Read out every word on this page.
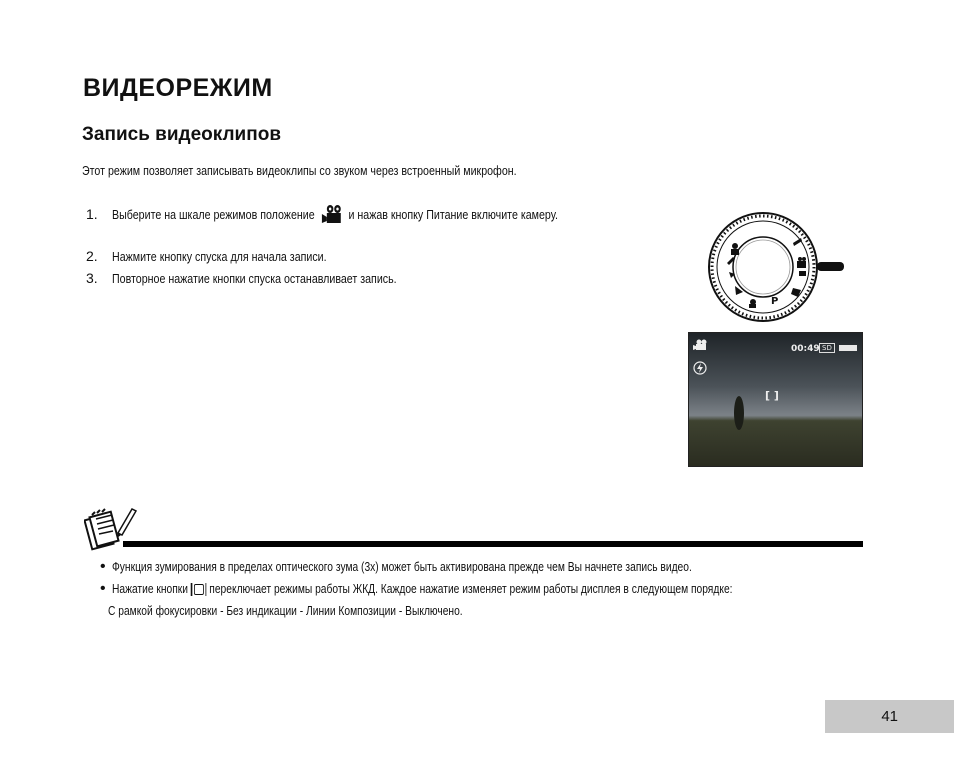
ВИДЕОРЕЖИМ
Запись видеоклипов
Этот режим позволяет записывать видеоклипы со звуком через встроенный микрофон.
1. Выберите на шкале режимов положение	и нажав кнопку Питание включите камеру.
2. Нажмите кнопку спуска для начала записи.
3. Повторное нажатие кнопки спуска останавливает запись.
P
00:49 SD
[ ]
• Функция зумирования в пределах оптического зума (3x) может быть активирована прежде чем Вы начнете запись видео.
• Нажатие кнопки переключает режимы работы ЖКД. Каждое нажатие изменяет режим работы дисплея в следующем порядке:
С рамкой фокусировки - Без индикации - Линии Композиции - Выключено.
41
